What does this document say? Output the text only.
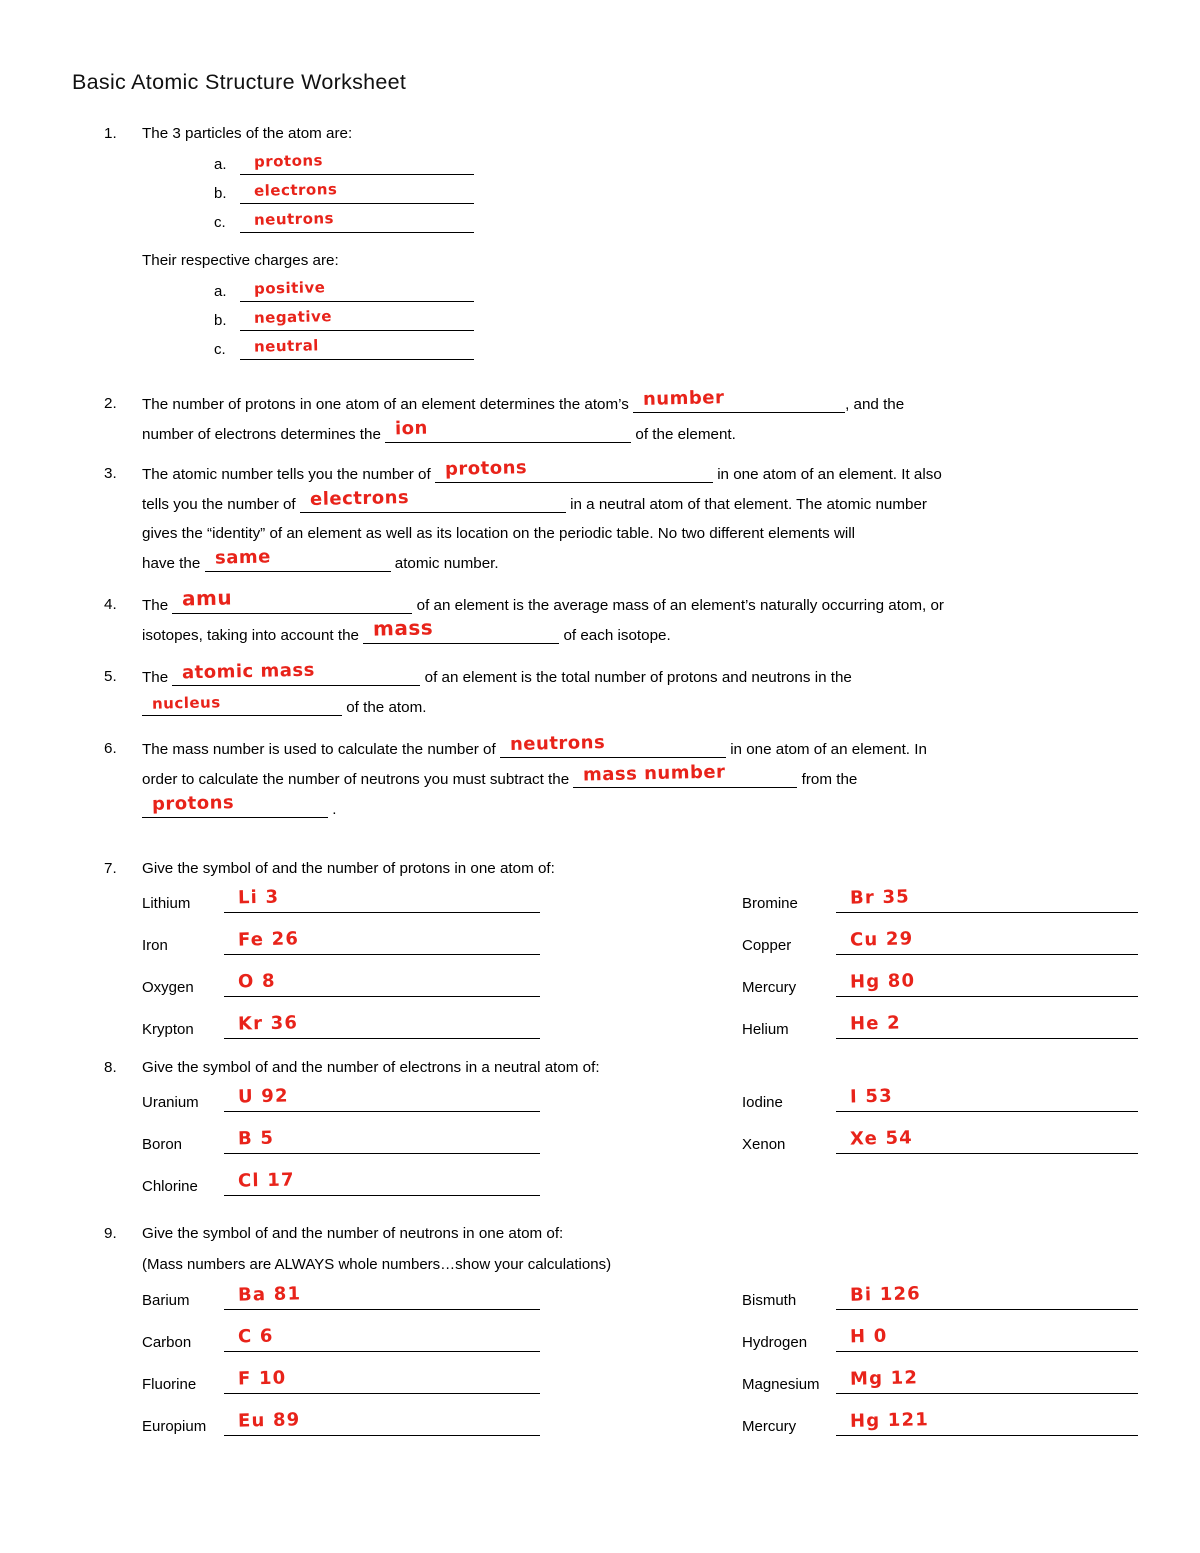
Basic Atomic Structure Worksheet
1.	The 3 particles of the atom are:
a. protons
b. electrons
c. neutrons
Their respective charges are:
a. positive
b. negative
c. neutral
2.	The number of protons in one atom of an element determines the atom’s number	, and the
number of electrons determines the ion	of the element.
3.	The atomic number tells you the number of protons	in one atom of an element. It also
tells you the number of electrons	in a neutral atom of that element. The atomic number
gives the “identity” of an element as well as its location on the periodic table. No two different elements will
have the same	atomic number.
4.	The amu	of an element is the average mass of an element’s naturally occurring atom, or
isotopes, taking into account the mass	of each isotope.
5.	The atomic mass	of an element is the total number of protons and neutrons in the
nucleus	of the atom.
6.	The mass number is used to calculate the number of neutrons	in one atom of an element. In
order to calculate the number of neutrons you must subtract the mass number	from the
protons	.
7.	Give the symbol of and the number of protons in one atom of:
Lithium	Li 3	Bromine	Br 35
Iron	Fe 26	Copper	Cu 29
Oxygen O 8	Mercury	Hg 80
Krypton Kr 36	Helium	He 2
8.	Give the symbol of and the number of electrons in a neutral atom of:
Uranium U 92	Iodine	I 53
Boron	B 5	Xenon	Xe 54
Chlorine Cl 17
9.	Give the symbol of and the number of neutrons in one atom of:
(Mass numbers are ALWAYS whole numbers…show your calculations)
Barium	Ba 81	Bismuth	Bi 126
Carbon	C 6	Hydrogen H 0
Fluorine F 10	Magnesium Mg 12
Europium Eu 89	Mercury	Hg 121
